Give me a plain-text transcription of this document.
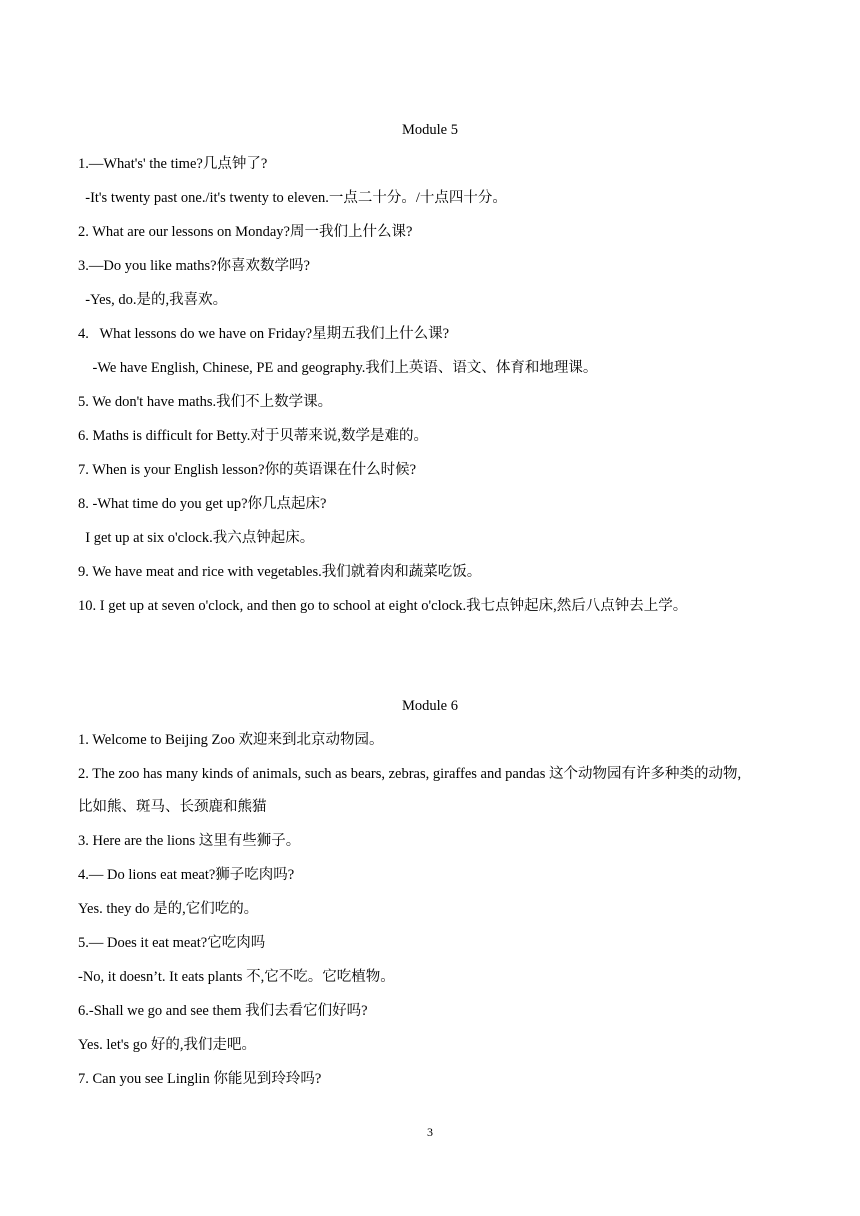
Module 5
1.—What's' the time?几点钟了?
-It's twenty past one./it's twenty to eleven.一点二十分。/十点四十分。
2. What are our lessons on Monday?周一我们上什么课?
3.—Do you like maths?你喜欢数学吗?
-Yes, do.是的,我喜欢。
4.   What lessons do we have on Friday?星期五我们上什么课?
-We have English, Chinese, PE and geography.我们上英语、语文、体育和地理课。
5. We don't have maths.我们不上数学课。
6. Maths is difficult for Betty.对于贝蒂来说,数学是难的。
7. When is your English lesson?你的英语课在什么时候?
8. -What time do you get up?你几点起床?
I get up at six o'clock.我六点钟起床。
9. We have meat and rice with vegetables.我们就着肉和蔬菜吃饭。
10. I get up at seven o'clock, and then go to school at eight o'clock.我七点钟起床,然后八点钟去上学。
Module 6
1. Welcome to Beijing Zoo 欢迎来到北京动物园。
2. The zoo has many kinds of animals, such as bears, zebras, giraffes and pandas 这个动物园有许多种类的动物,
比如熊、斑马、长颈鹿和熊猫
3. Here are the lions 这里有些狮子。
4.— Do lions eat meat?狮子吃肉吗?
Yes. they do 是的,它们吃的。
5.— Does it eat meat?它吃肉吗
-No, it doesn’t. It eats plants 不,它不吃。它吃植物。
6.-Shall we go and see them 我们去看它们好吗?
Yes. let's go 好的,我们走吧。
7. Can you see Linglin 你能见到玲玲吗?
3
